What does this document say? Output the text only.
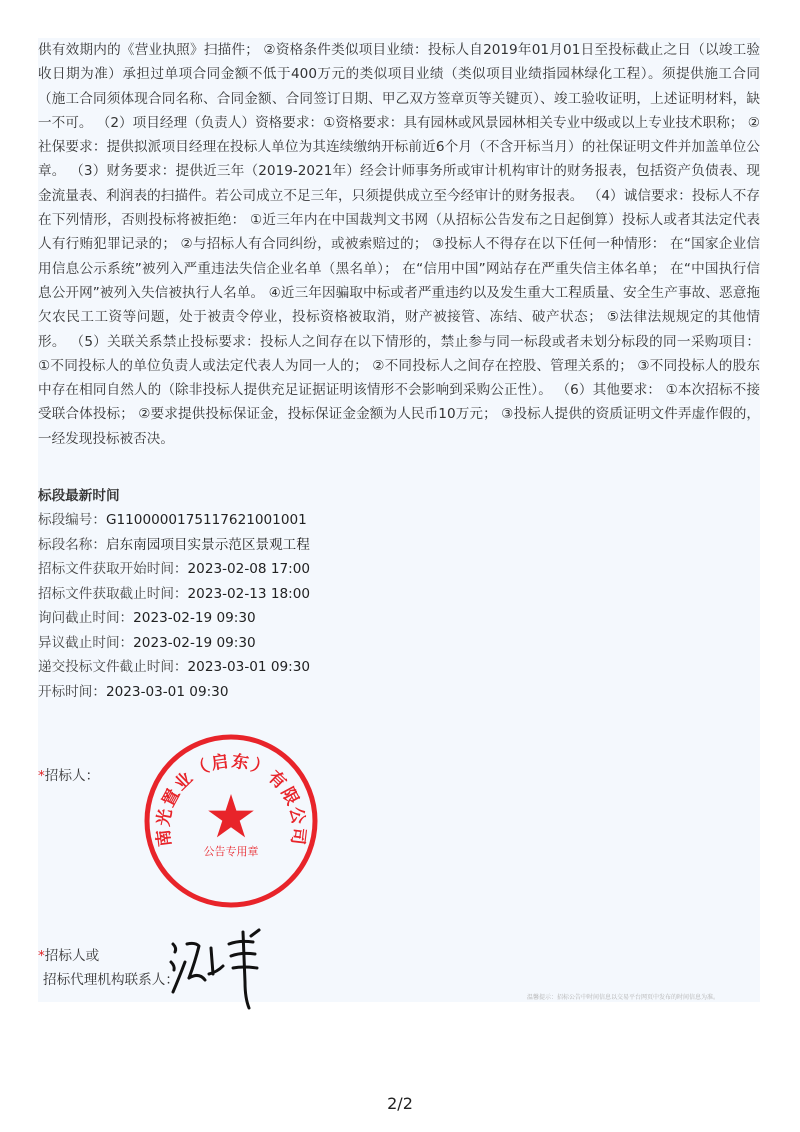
供有效期内的《营业执照》扫描件； ②资格条件类似项目业绩：投标人自2019年01月01日至投标截止之日（以竣工验收日期为准）承担过单项合同金额不低于400万元的类似项目业绩（类似项目业绩指园林绿化工程）。须提供施工合同（施工合同须体现合同名称、合同金额、合同签订日期、甲乙双方签章页等关键页）、竣工验收证明，上述证明材料，缺一不可。 （2）项目经理（负责人）资格要求：①资格要求：具有园林或风景园林相关专业中级或以上专业技术职称； ②社保要求：提供拟派项目经理在投标人单位为其连续缴纳开标前近6个月（不含开标当月）的社保证明文件并加盖单位公章。 （3）财务要求：提供近三年（2019-2021年）经会计师事务所或审计机构审计的财务报表，包括资产负债表、现金流量表、利润表的扫描件。若公司成立不足三年，只须提供成立至今经审计的财务报表。 （4）诚信要求：投标人不存在下列情形，否则投标将被拒绝： ①近三年内在中国裁判文书网（从招标公告发布之日起倒算）投标人或者其法定代表人有行贿犯罪记录的； ②与招标人有合同纠纷，或被索赔过的； ③投标人不得存在以下任何一种情形： 在“国家企业信用信息公示系统”被列入严重违法失信企业名单（黑名单）； 在“信用中国”网站存在严重失信主体名单； 在“中国执行信息公开网”被列入失信被执行人名单。 ④近三年因骗取中标或者严重违约以及发生重大工程质量、安全生产事故、恶意拖欠农民工工资等问题，处于被责令停业，投标资格被取消，财产被接管、冻结、破产状态； ⑤法律法规规定的其他情形。 （5）关联关系禁止投标要求：投标人之间存在以下情形的，禁止参与同一标段或者未划分标段的同一采购项目： ①不同投标人的单位负责人或法定代表人为同一人的； ②不同投标人之间存在控股、管理关系的； ③不同投标人的股东中存在相同自然人的（除非投标人提供充足证据证明该情形不会影响到采购公正性）。 （6）其他要求： ①本次招标不接受联合体投标； ②要求提供投标保证金，投标保证金金额为人民币10万元； ③投标人提供的资质证明文件弄虚作假的，一经发现投标被否决。

标段最新时间

标段编号：G1100000175117621001001
标段名称：启东南园项目实景示范区景观工程
招标文件获取开始时间：2023-02-08 17:00
招标文件获取截止时间：2023-02-13 18:00
询问截止时间：2023-02-19 09:30
异议截止时间：2023-02-19 09:30
递交投标文件截止时间：2023-03-01 09:30
开标时间：2023-03-01 09:30
*招标人：
南光置业（启东）有限公司
公告专用章
*招标人或
招标代理机构联系人：
温馨提示：招标公告中时间信息以交易平台网页中发布的时间信息为准。
2/2
